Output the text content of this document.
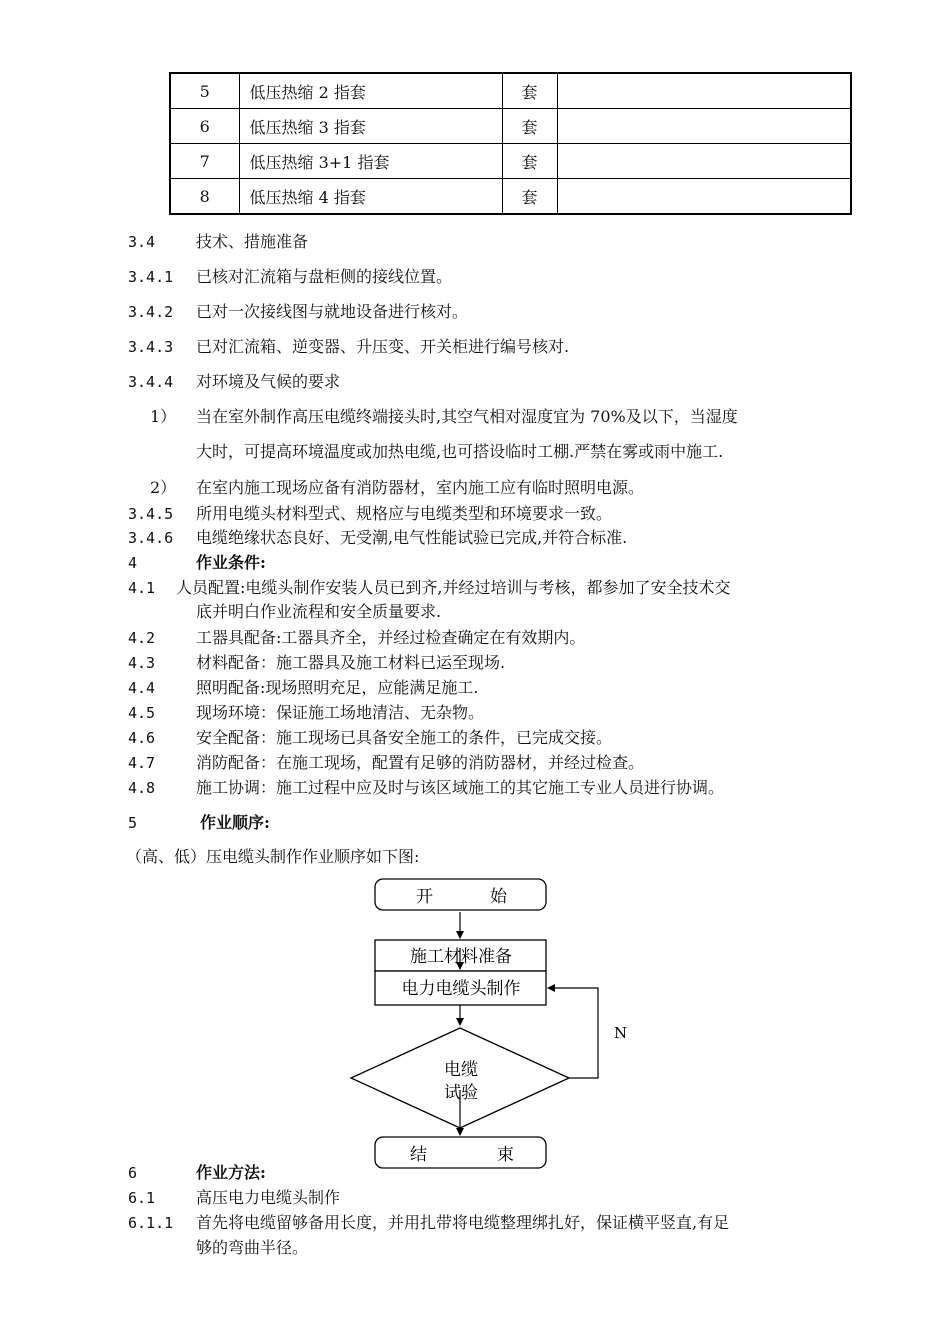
5	低压热缩 2 指套	套	
6	低压热缩 3 指套	套	
7	低压热缩 3+1 指套	套	
8	低压热缩 4 指套	套	
3.4	技术、措施准备
3.4.1 已核对汇流箱与盘柜侧的接线位置。
3.4.2 已对一次接线图与就地设备进行核对。
3.4.3 已对汇流箱、逆变器、升压变、开关柜进行编号核对.
3.4.4 对环境及气候的要求
1） 当在室外制作高压电缆终端接头时,其空气相对湿度宜为 70%及以下，当湿度
大时，可提高环境温度或加热电缆,也可搭设临时工棚.严禁在雾或雨中施工.
2） 在室内施工现场应备有消防器材，室内施工应有临时照明电源。
3.4.5 所用电缆头材料型式、规格应与电缆类型和环境要求一致。
3.4.6 电缆绝缘状态良好、无受潮,电气性能试验已完成,并符合标准.
4	作业条件:
4.1 人员配置:电缆头制作安装人员已到齐,并经过培训与考核，都参加了安全技术交
底并明白作业流程和安全质量要求.
4.2	工器具配备:工器具齐全，并经过检查确定在有效期内。
4.3	材料配备：施工器具及施工材料已运至现场.
4.4	照明配备:现场照明充足，应能满足施工.
4.5	现场环境：保证施工场地清洁、无杂物。
4.6	安全配备：施工现场已具备安全施工的条件，已完成交接。
4.7	消防配备：在施工现场，配置有足够的消防器材，并经过检查。
4.8	施工协调：施工过程中应及时与该区域施工的其它施工专业人员进行协调。
5	作业顺序:
（高、低）压电缆头制作作业顺序如下图:
开	始
施工材料准备
电力电缆头制作
电缆
试验
N
结	束
6	作业方法:
6.1	高压电力电缆头制作
6.1.1 首先将电缆留够备用长度，并用扎带将电缆整理绑扎好，保证横平竖直,有足
够的弯曲半径。
